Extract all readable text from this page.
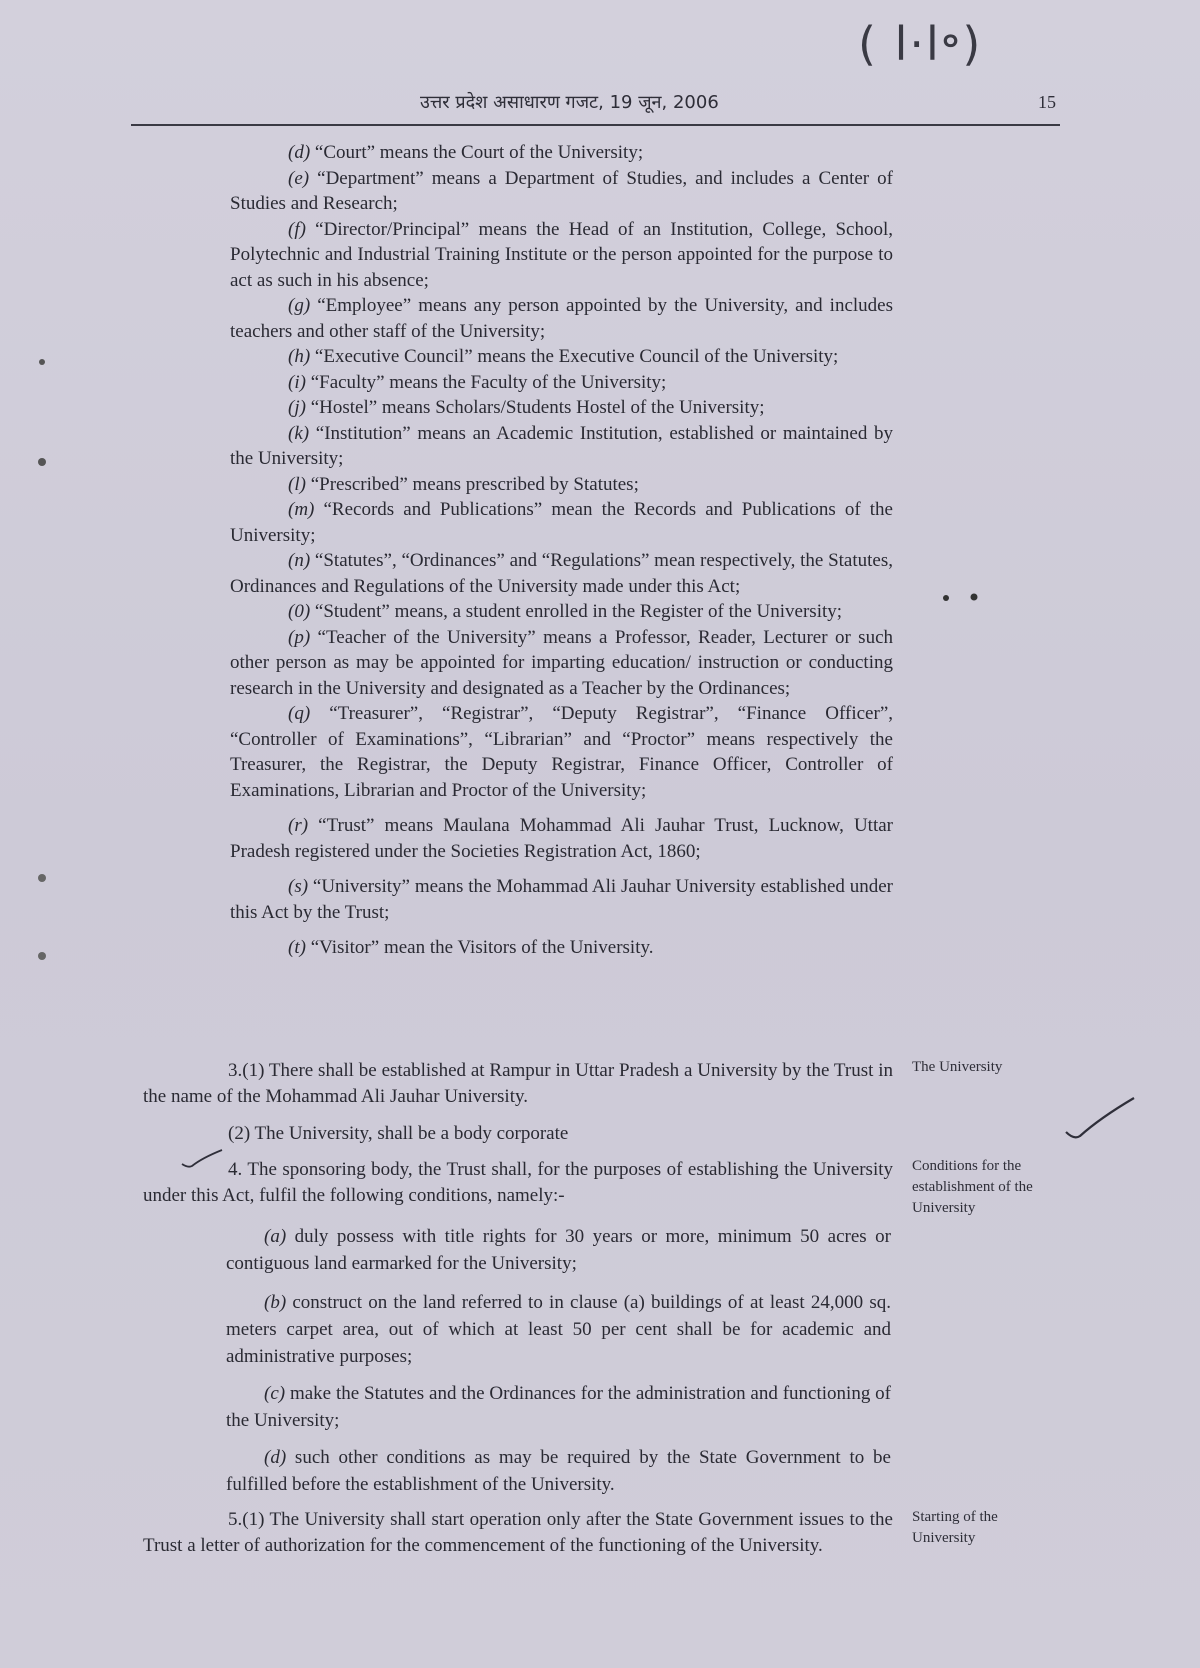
( l·l॰)
उत्तर प्रदेश असाधारण गजट, 19 जून, 2006	15

(d) “Court” means the Court of the University;

(e) “Department” means a Department of Studies, and includes a Center of Studies and Research;

(f) “Director/Principal” means the Head of an Institution, College, School, Polytechnic and Industrial Training Institute or the person appointed for the purpose to act as such in his absence;

(g) “Employee” means any person appointed by the University, and includes teachers and other staff of the University;

(h) “Executive Council” means the Executive Council of the University;

(i) “Faculty” means the Faculty of the University;

(j) “Hostel” means Scholars/Students Hostel of the University;

(k) “Institution” means an Academic Institution, established or maintained by the University;

(l) “Prescribed” means prescribed by Statutes;

(m) “Records and Publications” mean the Records and Publications of the University;

(n) “Statutes”, “Ordinances” and “Regulations” mean respectively, the Statutes, Ordinances and Regulations of the University made under this Act;

(0) “Student” means, a student enrolled in the Register of the University;

(p) “Teacher of the University” means a Professor, Reader, Lecturer or such other person as may be appointed for imparting education/ instruction or conducting research in the University and designated as a Teacher by the Ordinances;

(q) “Treasurer”, “Registrar”, “Deputy Registrar”, “Finance Officer”, “Controller of Examinations”, “Librarian” and “Proctor” means respectively the Treasurer, the Registrar, the Deputy Registrar, Finance Officer, Controller of Examinations, Librarian and Proctor of the University;

(r) “Trust” means Maulana Mohammad Ali Jauhar Trust, Lucknow, Uttar Pradesh registered under the Societies Registration Act, 1860;

(s) “University” means the Mohammad Ali Jauhar University established under this Act by the Trust;

(t) “Visitor” mean the Visitors of the University.

3.(1) There shall be established at Rampur in Uttar Pradesh a University by the Trust in the name of the Mohammad Ali Jauhar University.

The University

(2) The University, shall be a body corporate

4. The sponsoring body, the Trust shall, for the purposes of establishing the University under this Act, fulfil the following conditions, namely:-

Conditions for the establishment of the University
(a) duly possess with title rights for 30 years or more, minimum 50 acres or contiguous land earmarked for the University;
(b) construct on the land referred to in clause (a) buildings of at least 24,000 sq. meters carpet area, out of which at least 50 per cent shall be for academic and administrative purposes;
(c) make the Statutes and the Ordinances for the administration and functioning of the University;
(d) such other conditions as may be required by the State Government to be fulfilled before the establishment of the University.

5.(1) The University shall start operation only after the State Government issues to the Trust a letter of authorization for the commencement of the functioning of the University.

Starting of the University
